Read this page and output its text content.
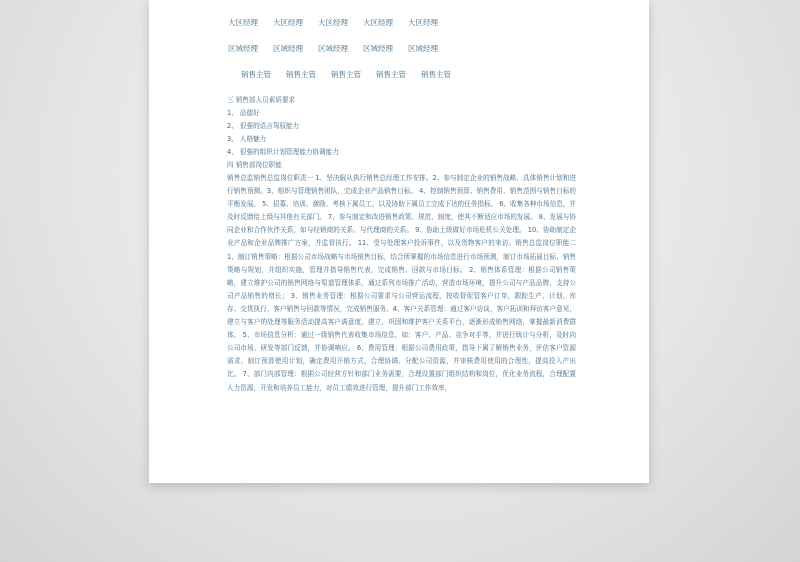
大区经理 大区经理 大区经理 大区经理 大区经理
区域经理 区域经理 区域经理 区域经理 区域经理
销售主管 销售主管 销售主管 销售主管 销售主管
三 销售部人员素质要求
1、 品德好
2、 很强的语言驾驭能力
3、 人格魅力
4、 很强的组织计划管理能力协调能力
四 销售部岗位职能
销售总监销售总监岗位职责一 1、坚决服从执行销售总经理工作安排。2、参与制定企业的销售战略、具体销售计划和进行销售预测。3、组织与管理销售团队，完成企业产品销售目标。 4、控制销售预算、销售费用、销售范围与销售目标的平衡发展。 5、招募、培训、激励、考核下属员工，以及协助下属员工完成下达的任务指标。 6、收集各种市场信息，并及时反馈给上级与其他有关部门。 7、参与制定和改进销售政策、规范、制度，使其不断适应市场的发展。 8、发展与协同企业和合作伙伴关系，如与经销商的关系、与代理商的关系。 9、协助上级做好市场危机公关处理。 10、协助制定企业产品和企业品牌推广方案，并监督执行。 11、受与处理客户投诉事件，以及货物客户的来访。销售总监岗位职能二 1、制订销售策略：根据公司市场战略与市场销售目标，结合所掌握的市场信息进行市场预测，制订市场拓展目标、销售策略与规划，并组织实施，管理并指导销售代表，完成销售、回款与市场目标。 2、销售体系管理：根据公司销售策略，建立维护公司的销售网络与渠道管理体系，通过系列市场推广活动，营造市场环境，提升公司与产品品牌，支持公司产品销售的增长； 3、销售业务管理：根据公司要求与公司营运流程，按收督促管客户订单，跟踪生产、计划、库存、交货执行、客户销售与回款等情况，完成销售服务。4、客户关系管理：通过客户访谈、客户拓训和拜访客户意见，建立与客户的处理等服务活动提高客户满意度，建立、巩固和维护客户关系平台，逐渐形成销售网络，掌握最新消费群体， 5、市场信息分析：通过一级销售代表收集市场信息，如：客户、产品、竞争对手等，并进行统计与分析，及时向公司市场、研发等部门反馈，并协调响应。 6、费用管理：根据公司费用政策，指导下属了解销售业务，评估客户资源需求，制订预算使用计划，确定费用开销方式，合理协调、分配公司资源，并审核费用使用的合理性，提高投入产出比。 7、部门内部管理：根据公司经营方针和部门业务需要，合理设置部门组织结构和岗位，优化业务流程，合理配置人力资源，开发和培养员工能力，对员工绩效进行管理，提升部门工作效率，
